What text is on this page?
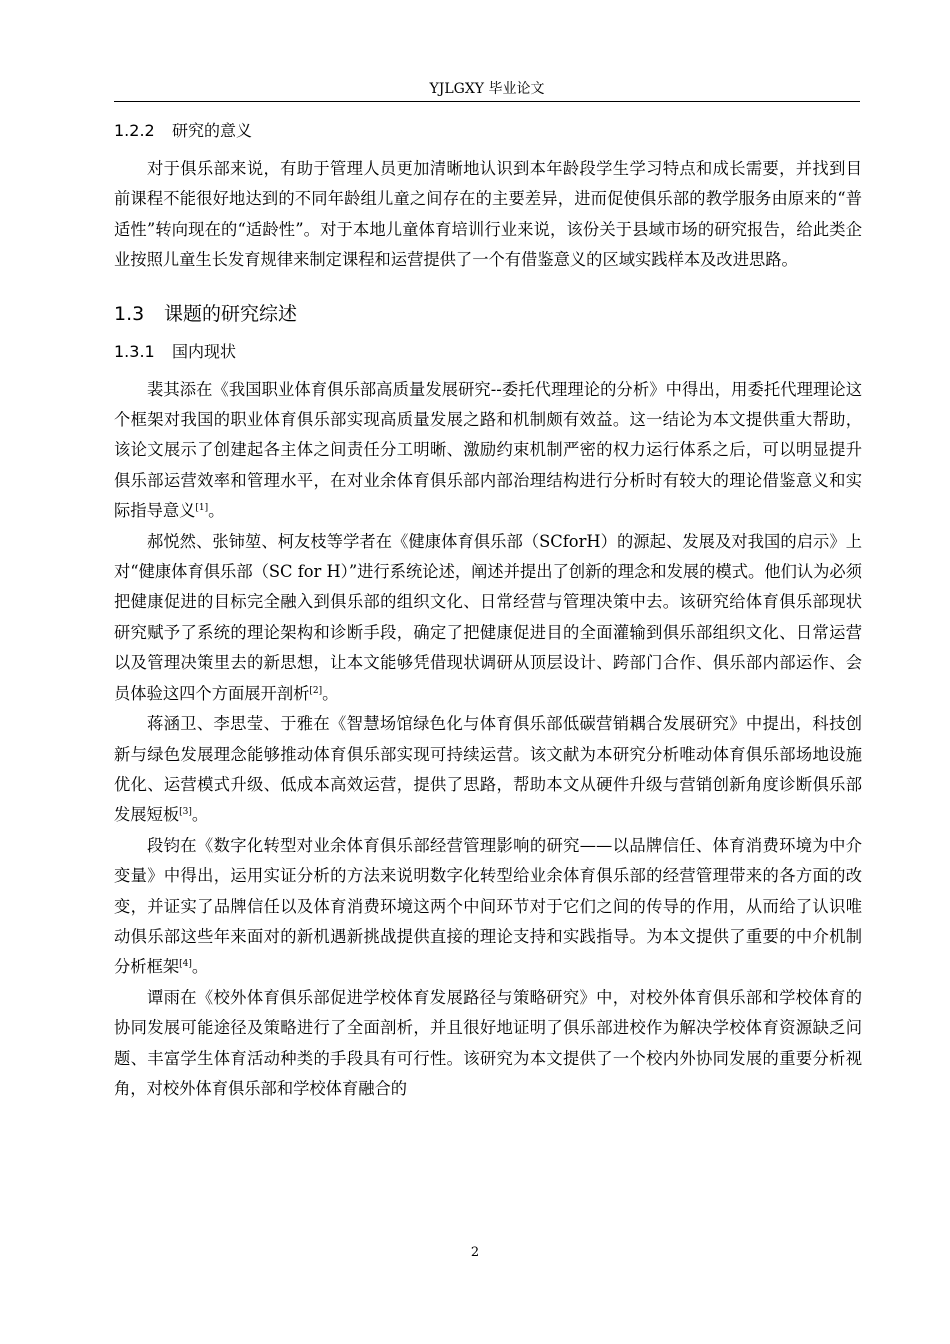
YJLGXY 毕业论文
1.2.2 研究的意义

对于俱乐部来说，有助于管理人员更加清晰地认识到本年龄段学生学习特点和成长需要，并找到目前课程不能很好地达到的不同年龄组儿童之间存在的主要差异，进而促使俱乐部的教学服务由原来的“普适性”转向现在的“适龄性”。对于本地儿童体育培训行业来说，该份关于县域市场的研究报告，给此类企业按照儿童生长发育规律来制定课程和运营提供了一个有借鉴意义的区域实践样本及改进思路。

1.3 课题的研究综述
1.3.1 国内现状

裴其添在《我国职业体育俱乐部高质量发展研究--委托代理理论的分析》中得出，用委托代理理论这个框架对我国的职业体育俱乐部实现高质量发展之路和机制颇有效益。这一结论为本文提供重大帮助，该论文展示了创建起各主体之间责任分工明晰、激励约束机制严密的权力运行体系之后，可以明显提升俱乐部运营效率和管理水平，在对业余体育俱乐部内部治理结构进行分析时有较大的理论借鉴意义和实际指导意义[1]。

郝悦然、张铈堃、柯友枝等学者在《健康体育俱乐部（SCforH）的源起、发展及对我国的启示》上对“健康体育俱乐部（SC for H）”进行系统论述，阐述并提出了创新的理念和发展的模式。他们认为必须把健康促进的目标完全融入到俱乐部的组织文化、日常经营与管理决策中去。该研究给体育俱乐部现状研究赋予了系统的理论架构和诊断手段，确定了把健康促进目的全面灌输到俱乐部组织文化、日常运营以及管理决策里去的新思想，让本文能够凭借现状调研从顶层设计、跨部门合作、俱乐部内部运作、会员体验这四个方面展开剖析[2]。

蒋涵卫、李思莹、于雅在《智慧场馆绿色化与体育俱乐部低碳营销耦合发展研究》中提出，科技创新与绿色发展理念能够推动体育俱乐部实现可持续运营。该文献为本研究分析唯动体育俱乐部场地设施优化、运营模式升级、低成本高效运营，提供了思路，帮助本文从硬件升级与营销创新角度诊断俱乐部发展短板[3]。

段钧在《数字化转型对业余体育俱乐部经营管理影响的研究——以品牌信任、体育消费环境为中介变量》中得出，运用实证分析的方法来说明数字化转型给业余体育俱乐部的经营管理带来的各方面的改变，并证实了品牌信任以及体育消费环境这两个中间环节对于它们之间的传导的作用，从而给了认识唯动俱乐部这些年来面对的新机遇新挑战提供直接的理论支持和实践指导。为本文提供了重要的中介机制分析框架[4]。

谭雨在《校外体育俱乐部促进学校体育发展路径与策略研究》中，对校外体育俱乐部和学校体育的协同发展可能途径及策略进行了全面剖析，并且很好地证明了俱乐部进校作为解决学校体育资源缺乏问题、丰富学生体育活动种类的手段具有可行性。该研究为本文提供了一个校内外协同发展的重要分析视角，对校外体育俱乐部和学校体育融合的

2
